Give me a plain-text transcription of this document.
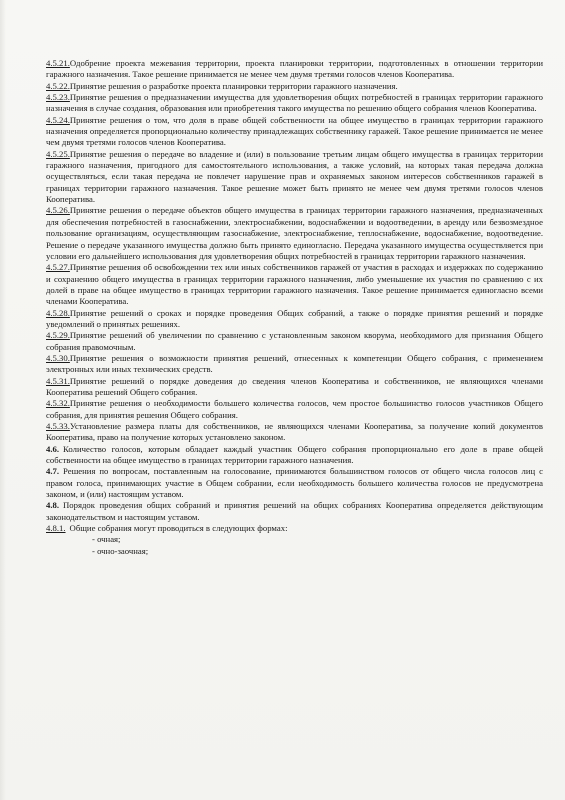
4.5.21.Одобрение проекта межевания территории, проекта планировки территории, подготовленных в отношении территории гаражного назначения. Такое решение принимается не менее чем двумя третями голосов членов Кооператива.

4.5.22.Принятие решения о разработке проекта планировки территории гаражного назначения.

4.5.23.Принятие решения о предназначении имущества для удовлетворения общих потребностей в границах территории гаражного назначения в случае создания, образования или приобретения такого имущества по решению общего собрания членов Кооператива.

4.5.24.Принятие решения о том, что доля в праве общей собственности на общее имущество в границах территории гаражного назначения определяется пропорционально количеству принадлежащих собственнику гаражей. Такое решение принимается не менее чем двумя третями голосов членов Кооператива.

4.5.25.Принятие решения о передаче во владение и (или) в пользование третьим лицам общего имущества в границах территории гаражного назначения, пригодного для самостоятельного использования, а также условий, на которых такая передача должна осуществляться, если такая передача не повлечет нарушение прав и охраняемых законом интересов собственников гаражей в границах территории гаражного назначения. Такое решение может быть принято не менее чем двумя третями голосов членов Кооператива.

4.5.26.Принятие решения о передаче объектов общего имущества в границах территории гаражного назначения, предназначенных для обеспечения потребностей в газоснабжении, электроснабжении, водоснабжении и водоотведении, в аренду или безвозмездное пользование организациям, осуществляющим газоснабжение, электроснабжение, теплоснабжение, водоснабжение, водоотведение. Решение о передаче указанного имущества должно быть принято единогласно. Передача указанного имущества осуществляется при условии его дальнейшего использования для удовлетворения общих потребностей в границах территории гаражного назначения.

4.5.27.Принятие решения об освобождении тех или иных собственников гаражей от участия в расходах и издержках по содержанию и сохранению общего имущества в границах территории гаражного назначения, либо уменьшение их участия по сравнению с их долей в праве на общее имущество в границах территории гаражного назначения. Такое решение принимается единогласно всеми членами Кооператива.

4.5.28.Принятие решений о сроках и порядке проведения Общих собраний, а также о порядке принятия решений и порядке уведомлений о принятых решениях.

4.5.29.Принятие решений об увеличении по сравнению с установленным законом кворума, необходимого для признания Общего собрания правомочным.

4.5.30.Принятие решения о возможности принятия решений, отнесенных к компетенции Общего собрания, с применением электронных или иных технических средств.

4.5.31.Принятие решений о порядке доведения до сведения членов Кооператива и собственников, не являющихся членами Кооператива решений Общего собрания.

4.5.32.Принятие решения о необходимости большего количества голосов, чем простое большинство голосов участников Общего собрания, для принятия решения Общего собрания.

4.5.33.Установление размера платы для собственников, не являющихся членами Кооператива, за получение копий документов Кооператива, право на получение которых установлено законом.

4.6. Количество голосов, которым обладает каждый участник Общего собрания пропорционально его доле в праве общей собственности на общее имущество в границах территории гаражного назначения.

4.7. Решения по вопросам, поставленным на голосование, принимаются большинством голосов от общего числа голосов лиц с правом голоса, принимающих участие в Общем собрании, если необходимость большего количества голосов не предусмотрена законом, и (или) настоящим уставом.

4.8. Порядок проведения общих собраний и принятия решений на общих собраниях Кооператива определяется действующим законодательством и настоящим уставом.

4.8.1. Общие собрания могут проводиться в следующих формах:

- очная;

- очно-заочная;
